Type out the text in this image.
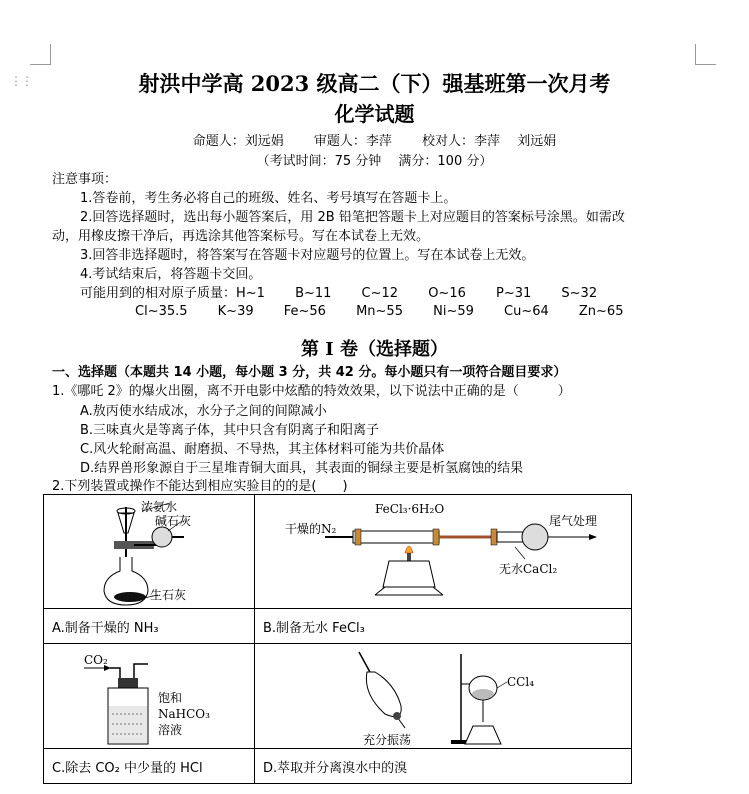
⋮⋮	射洪中学高 2023 级高二（下）强基班第一次月考
化学试题
命题人：刘远娟　　 审题人：李萍　　 校对人：李萍　 刘远娟
（考试时间：75 分钟　 满分：100 分）
注意事项：
1.答卷前，考生务必将自己的班级、姓名、考号填写在答题卡上。
2.回答选择题时，选出每小题答案后，用 2B 铅笔把答题卡上对应题目的答案标号涂黑。如需改
动，用橡皮擦干净后，再选涂其他答案标号。写在本试卷上无效。
3.回答非选择题时，将答案写在答题卡对应题号的位置上。写在本试卷上无效。
4.考试结束后，将答题卡交回。
可能用到的相对原子质量：H~1　　 B~11　　 C~12　　 O~16　　 P~31　　 S~32
Cl~35.5　　 K~39　　 Fe~56　　 Mn~55　　 Ni~59　　 Cu~64　　 Zn~65
第 I 卷（选择题）
一、选择题（本题共 14 小题，每小题 3 分，共 42 分。每小题只有一项符合题目要求）
1.《哪吒 2》的爆火出圈，离不开电影中炫酷的特效效果，以下说法中正确的是（　　　）
A.敖丙使水结成冰，水分子之间的间隙减小
B.三味真火是等离子体，其中只含有阴离子和阳离子
C.风火轮耐高温、耐磨损、不导热，其主体材料可能为共价晶体
D.结界兽形象源自于三星堆青铜大面具，其表面的铜绿主要是析氢腐蚀的结果
2.下列装置或操作不能达到相应实验目的的是(　　)
浓氨水
碱石灰
生石灰	FeCl₃·6H₂O
干燥的N₂
尾气处理
无水CaCl₂

A.制备干燥的 NH₃	B.制备无水 FeCl₃

CO₂
饱和
NaHCO₃
溶液	CCl₄
充分振荡

C.除去 CO₂ 中少量的 HCl	D.萃取并分离溴水中的溴
